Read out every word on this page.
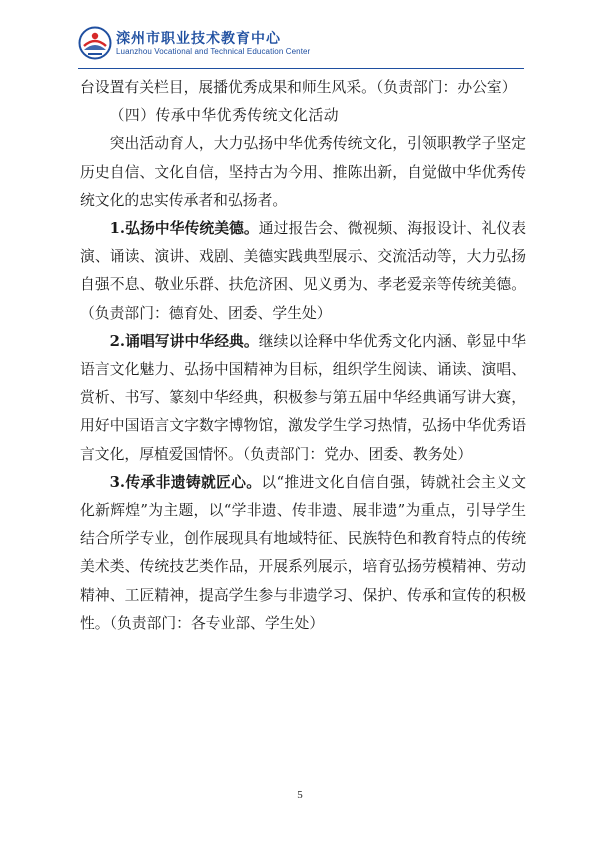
滦州市职业技术教育中心
Luanzhou Vocational and Technical Education Center

台设置有关栏目，展播优秀成果和师生风采。（负责部门：办公室）

（四）传承中华优秀传统文化活动

突出活动育人，大力弘扬中华优秀传统文化，引领职教学子坚定历史自信、文化自信，坚持古为今用、推陈出新，自觉做中华优秀传统文化的忠实传承者和弘扬者。

1.弘扬中华传统美德。通过报告会、微视频、海报设计、礼仪表演、诵读、演讲、戏剧、美德实践典型展示、交流活动等，大力弘扬自强不息、敬业乐群、扶危济困、见义勇为、孝老爱亲等传统美德。（负责部门：德育处、团委、学生处）

2.诵唱写讲中华经典。继续以诠释中华优秀文化内涵、彰显中华语言文化魅力、弘扬中国精神为目标，组织学生阅读、诵读、演唱、赏析、书写、篆刻中华经典，积极参与第五届中华经典诵写讲大赛，用好中国语言文字数字博物馆，激发学生学习热情，弘扬中华优秀语言文化，厚植爱国情怀。（负责部门：党办、团委、教务处）

3.传承非遗铸就匠心。以“推进文化自信自强，铸就社会主义文化新辉煌”为主题，以“学非遗、传非遗、展非遗”为重点，引导学生结合所学专业，创作展现具有地域特征、民族特色和教育特点的传统美术类、传统技艺类作品，开展系列展示，培育弘扬劳模精神、劳动精神、工匠精神，提高学生参与非遗学习、保护、传承和宣传的积极性。（负责部门：各专业部、学生处）

5
